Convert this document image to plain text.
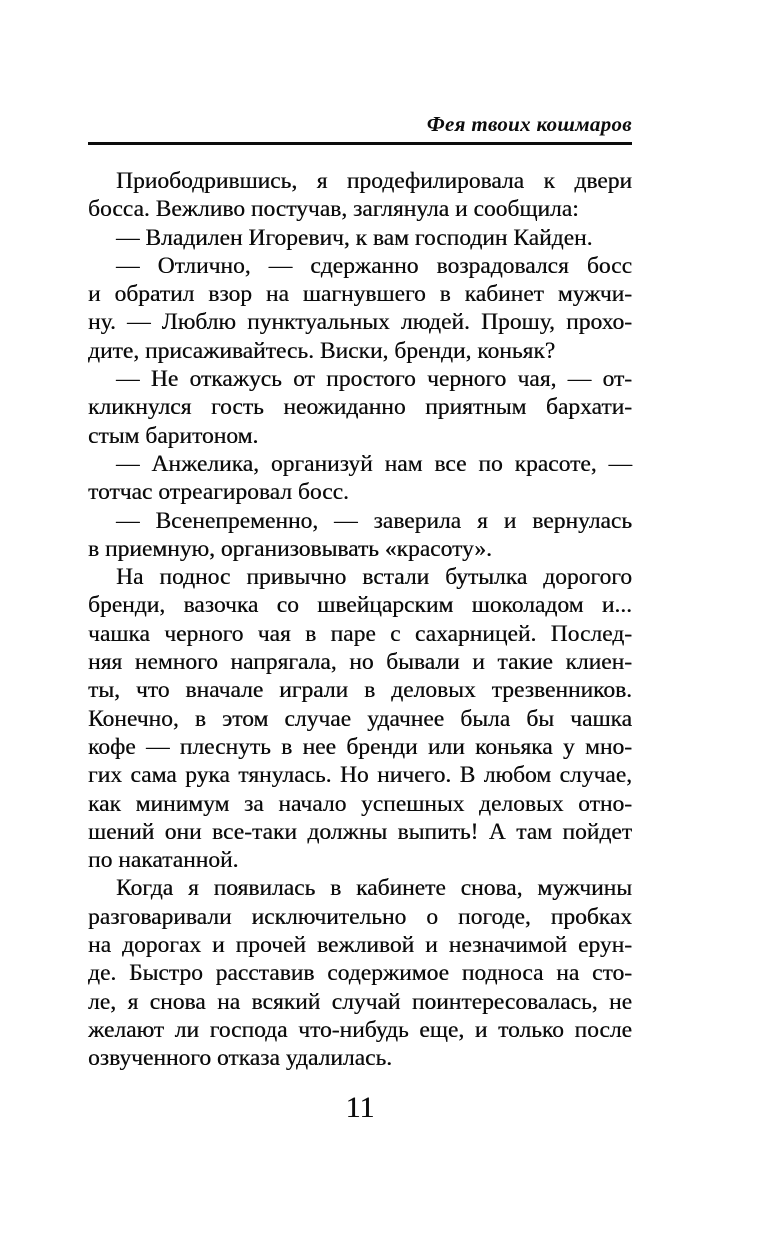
Фея твоих кошмаров
Приободрившись, я продефилировала к двери
босса. Вежливо постучав, заглянула и сообщила:
— Владилен Игоревич, к вам господин Кайден.
— Отлично, — сдержанно возрадовался босс
и обратил взор на шагнувшего в кабинет мужчи-
ну. — Люблю пунктуальных людей. Прошу, прохо-
дите, присаживайтесь. Виски, бренди, коньяк?
— Не откажусь от простого черного чая, — от-
кликнулся гость неожиданно приятным бархати-
стым баритоном.
— Анжелика, организуй нам все по красоте, —
тотчас отреагировал босс.
— Всенепременно, — заверила я и вернулась
в приемную, организовывать «красоту».
На поднос привычно встали бутылка дорогого
бренди, вазочка со швейцарским шоколадом и...
чашка черного чая в паре с сахарницей. Послед-
няя немного напрягала, но бывали и такие клиен-
ты, что вначале играли в деловых трезвенников.
Конечно, в этом случае удачнее была бы чашка
кофе — плеснуть в нее бренди или коньяка у мно-
гих сама рука тянулась. Но ничего. В любом случае,
как минимум за начало успешных деловых отно-
шений они все-таки должны выпить! А там пойдет
по накатанной.
Когда я появилась в кабинете снова, мужчины
разговаривали исключительно о погоде, пробках
на дорогах и прочей вежливой и незначимой ерун-
де. Быстро расставив содержимое подноса на сто-
ле, я снова на всякий случай поинтересовалась, не
желают ли господа что-нибудь еще, и только после
озвученного отказа удалилась.
11
